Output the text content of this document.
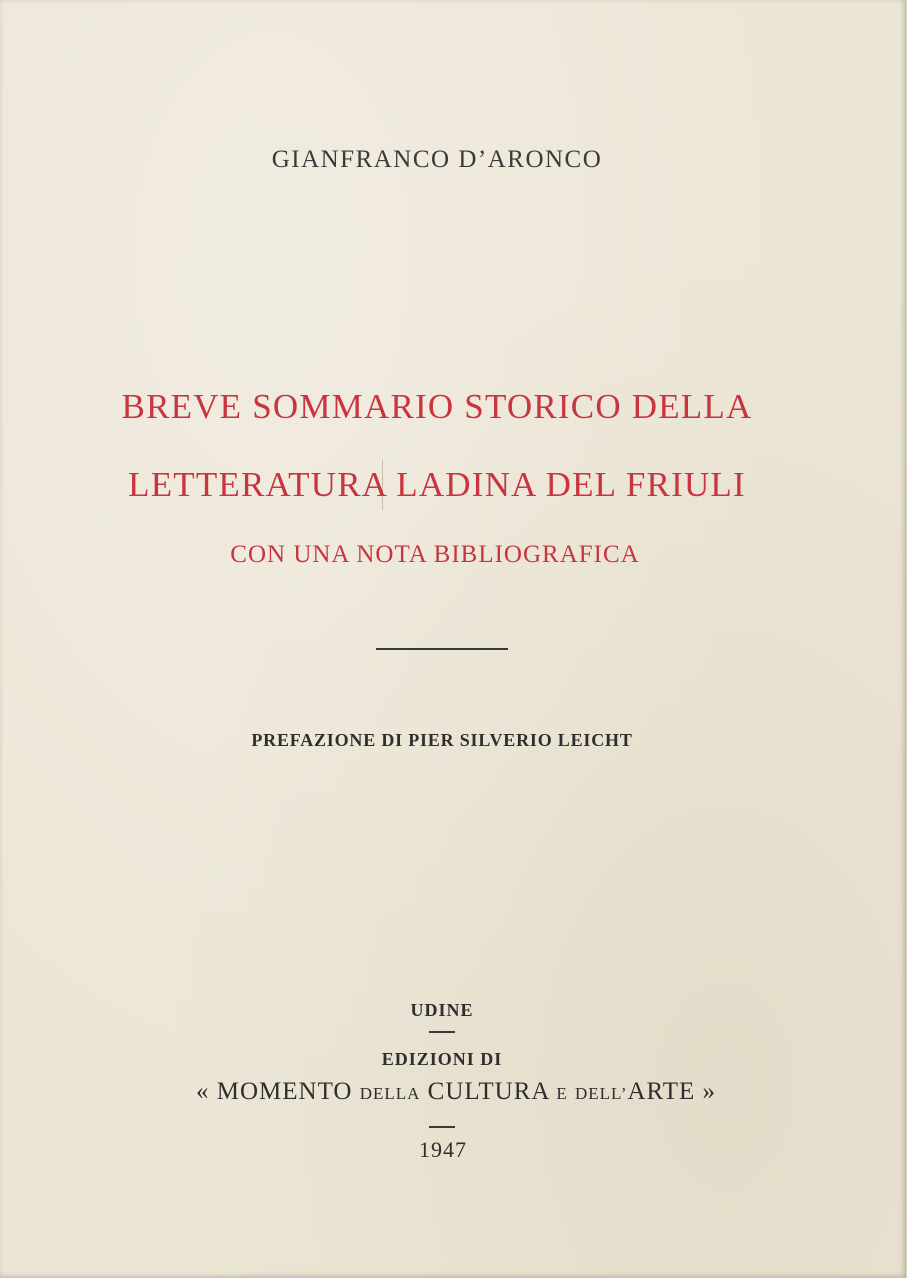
GIANFRANCO D’ARONCO
BREVE SOMMARIO STORICO DELLA
LETTERATURA LADINA DEL FRIULI
CON UNA NOTA BIBLIOGRAFICA
PREFAZIONE DI PIER SILVERIO LEICHT
UDINE
EDIZIONI DI
« MOMENTO DELLA CULTURA E DELL’ARTE »
1947
